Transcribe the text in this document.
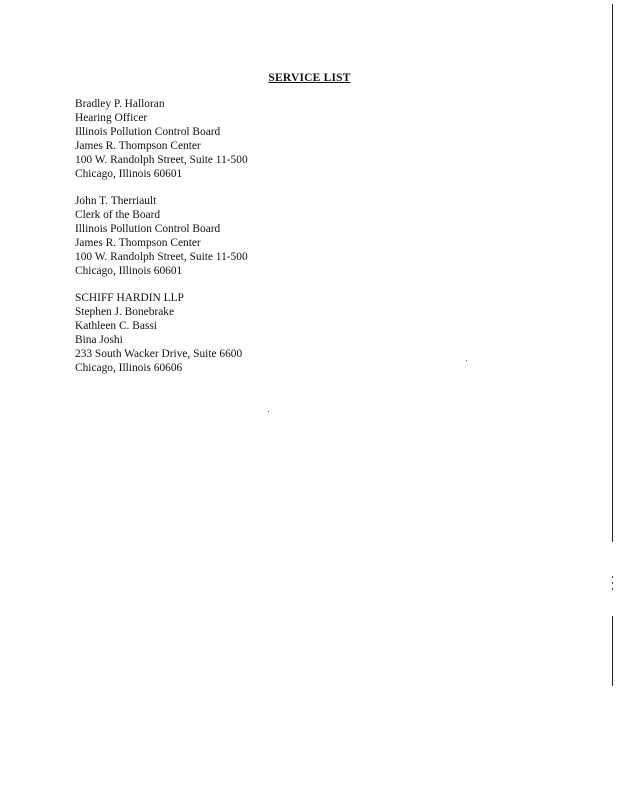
SERVICE LIST
Bradley P. Halloran
Hearing Officer
Illinois Pollution Control Board
James R. Thompson Center
100 W. Randolph Street, Suite 11-500
Chicago, Illinois 60601
John T. Therriault
Clerk of the Board
Illinois Pollution Control Board
James R. Thompson Center
100 W. Randolph Street, Suite 11-500
Chicago, Illinois 60601
SCHIFF HARDIN LLP
Stephen J. Bonebrake
Kathleen C. Bassi
Bina Joshi
233 South Wacker Drive, Suite 6600
Chicago, Illinois 60606
